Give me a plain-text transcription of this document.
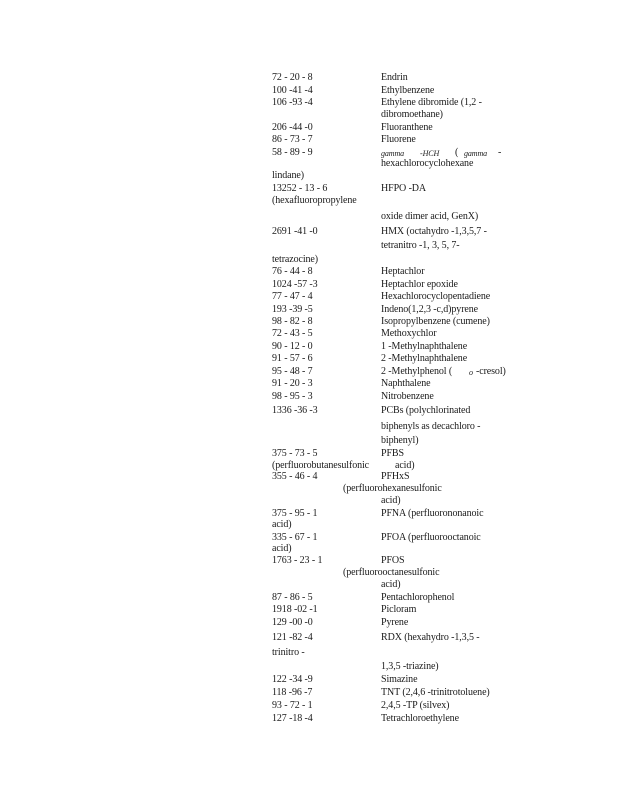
72 - 20 - 8	Endrin
100 -41 -4	Ethylbenzene
106 -93 -4	Ethylene dibromide (1,2 -
dibromoethane)
206 -44 -0	Fluoranthene
86 - 73 - 7	Fluorene
58 - 89 - 9	gamma -HCH ( gamma -
hexachlorocyclohexane
lindane)
13252 - 13 - 6	HFPO -DA
(hexafluoropropylene
oxide dimer acid, GenX)
2691 -41 -0	HMX (octahydro -1,3,5,7 -
tetranitro -1, 3, 5, 7-
tetrazocine)
76 - 44 - 8	Heptachlor
1024 -57 -3	Heptachlor epoxide
77 - 47 - 4	Hexachlorocyclopentadiene
193 -39 -5	Indeno(1,2,3 -c,d)pyrene
98 - 82 - 8	Isopropylbenzene (cumene)
72 - 43 - 5	Methoxychlor
90 - 12 - 0	1 -Methylnaphthalene
91 - 57 - 6	2 -Methylnaphthalene
95 - 48 - 7	2 -Methylphenol ( o -cresol)
91 - 20 - 3	Naphthalene
98 - 95 - 3	Nitrobenzene
1336 -36 -3	PCBs (polychlorinated
biphenyls as decachloro -
biphenyl)
375 - 73 - 5	PFBS
(perfluorobutanesulfonic	acid)
355 - 46 - 4	PFHxS
(perfluorohexanesulfonic
acid)
375 - 95 - 1	PFNA (perfluorononanoic
acid)
335 - 67 - 1	PFOA (perfluorooctanoic
acid)
1763 - 23 - 1	PFOS
(perfluorooctanesulfonic
acid)
87 - 86 - 5	Pentachlorophenol
1918 -02 -1	Picloram
129 -00 -0	Pyrene
121 -82 -4	RDX (hexahydro -1,3,5 -
trinitro -
1,3,5 -triazine)
122 -34 -9	Simazine
118 -96 -7	TNT (2,4,6 -trinitrotoluene)
93 - 72 - 1	2,4,5 -TP (silvex)
127 -18 -4	Tetrachloroethylene
